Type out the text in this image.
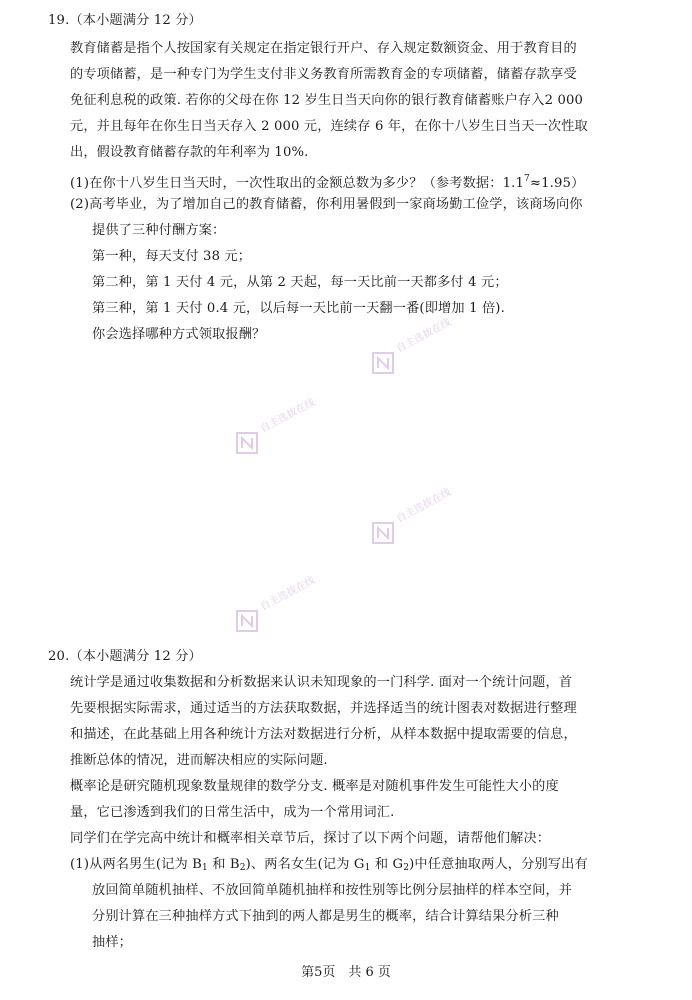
19.（本小题满分 12 分）
教育储蓄是指个人按国家有关规定在指定银行开户、存入规定数额资金、用于教育目的
的专项储蓄，是一种专门为学生支付非义务教育所需教育金的专项储蓄，储蓄存款享受
免征利息税的政策. 若你的父母在你 12 岁生日当天向你的银行教育储蓄账户存入2 000
元，并且每年在你生日当天存入 2 000 元，连续存 6 年，在你十八岁生日当天一次性取
出，假设教育储蓄存款的年利率为 10%.
(1)在你十八岁生日当天时，一次性取出的金额总数为多少？（参考数据：$1.1^7\approx 1.95$）
(2)高考毕业，为了增加自己的教育储蓄，你利用暑假到一家商场勤工俭学，该商场向你
提供了三种付酬方案：
第一种，每天支付 38 元；
第二种，第 1 天付 4 元，从第 2 天起，每一天比前一天都多付 4 元；
第三种，第 1 天付 0.4 元，以后每一天比前一天翻一番(即增加 1 倍).
你会选择哪种方式领取报酬？	自主选拔在线
自主选拔在线
自主选拔在线
自主选拔在线
20.（本小题满分 12 分）
统计学是通过收集数据和分析数据来认识未知现象的一门科学. 面对一个统计问题，首
先要根据实际需求，通过适当的方法获取数据，并选择适当的统计图表对数据进行整理
和描述，在此基础上用各种统计方法对数据进行分析，从样本数据中提取需要的信息，
推断总体的情况，进而解决相应的实际问题.
概率论是研究随机现象数量规律的数学分支. 概率是对随机事件发生可能性大小的度
量，它已渗透到我们的日常生活中，成为一个常用词汇.
同学们在学完高中统计和概率相关章节后，探讨了以下两个问题，请帮他们解决：
(1)从两名男生(记为 $B_1$ 和 $B_2$)、两名女生(记为 $G_1$ 和 $G_2$)中任意抽取两人，分别写出有
放回简单随机抽样、不放回简单随机抽样和按性别等比例分层抽样的样本空间，并
分别计算在三种抽样方式下抽到的两人都是男生的概率，结合计算结果分析三种
抽样；
第5页　共 6 页
